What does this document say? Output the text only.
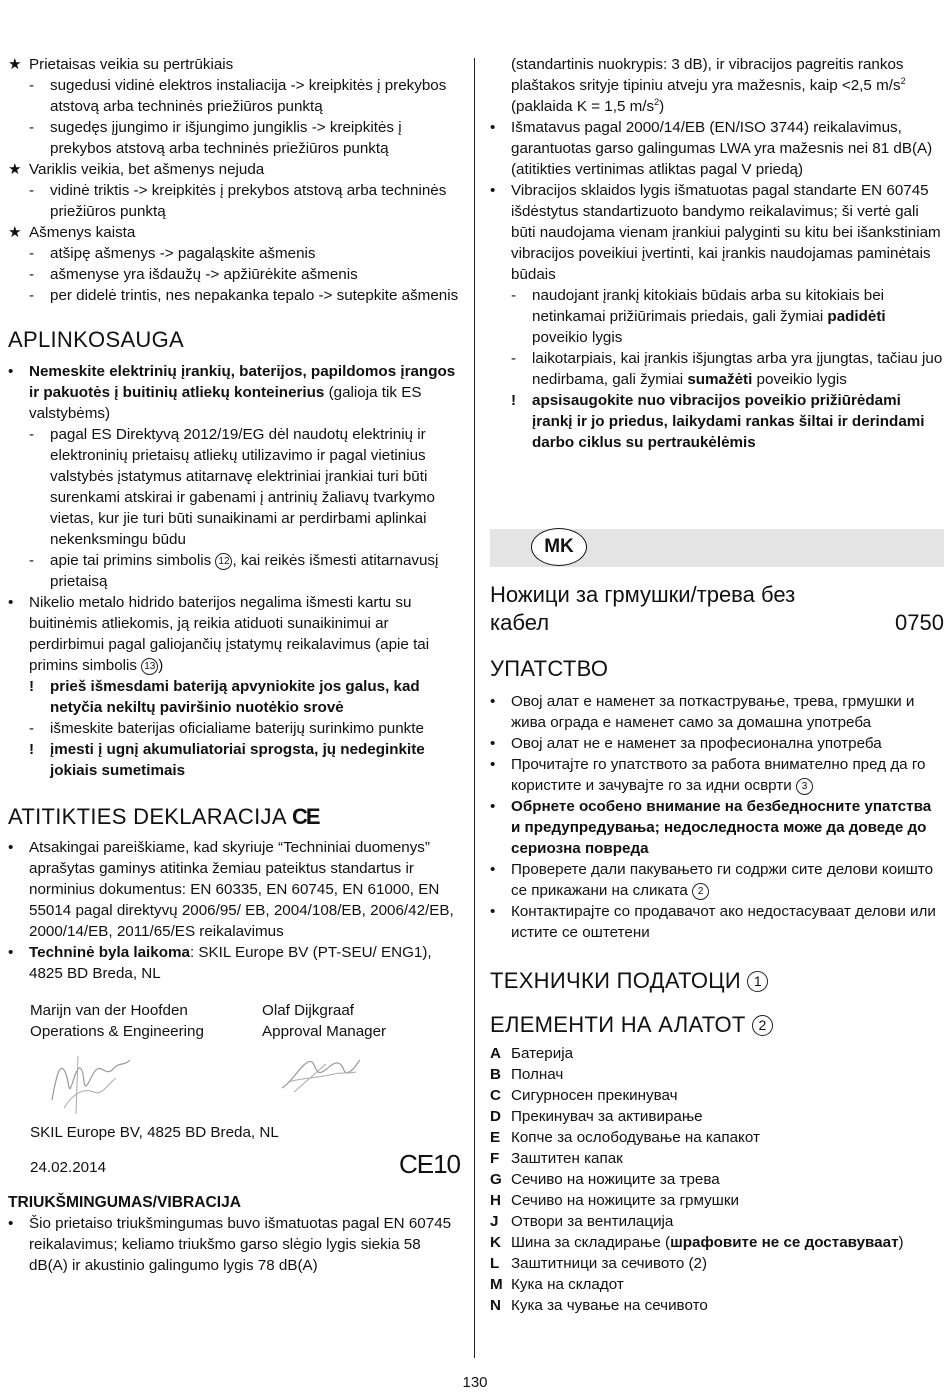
★ Prietaisas veikia su pertrūkiais
- sugedusi vidinė elektros instaliacija -> kreipkitės į prekybos atstovą arba techninės priežiūros punktą
- sugedęs įjungimo ir išjungimo jungiklis -> kreipkitės į prekybos atstovą arba techninės priežiūros punktą
★ Variklis veikia, bet ašmenys nejuda
- vidinė triktis -> kreipkitės į prekybos atstovą arba techninės priežiūros punktą
★ Ašmenys kaista
- atšipę ašmenys -> pagaląskite ašmenis
- ašmenyse yra išdaužų -> apžiūrėkite ašmenis
- per didelė trintis, nes nepakanka tepalo -> sutepkite ašmenis
APLINKOSAUGA
• Nemeskite elektrinių įrankių, baterijos, papildomos įrangos ir pakuotės į buitinių atliekų konteinerius (galioja tik ES valstybėms)
- pagal ES Direktyvą 2012/19/EG dėl naudotų elektrinių ir elektroninių prietaisų atliekų utilizavimo ir pagal vietinius valstybės įstatymus atitarnavę elektriniai įrankiai turi būti surenkami atskirai ir gabenami į antrinių žaliavų tvarkymo vietas, kur jie turi būti sunaikinami ar perdirbami aplinkai nekenksmingu būdu
- apie tai primins simbolis 12 , kai reikės išmesti atitarnavusį prietaisą
• Nikelio metalo hidrido baterijos negalima išmesti kartu su buitinėmis atliekomis, ją reikia atiduoti sunaikinimui ar perdirbimui pagal galiojančių įstatymų reikalavimus (apie tai primins simbolis 13 )
! prieš išmesdami bateriją apvyniokite jos galus, kad netyčia nekiltų paviršinio nuotėkio srovė
- išmeskite baterijas oficialiame baterijų surinkimo punkte
! įmesti į ugnį akumuliatoriai sprogsta, jų nedeginkite jokiais sumetimais
ATITIKTIES DEKLARACIJA CE
• Atsakingai pareiškiame, kad skyriuje “Techniniai duomenys” aprašytas gaminys atitinka žemiau pateiktus standartus ir norminius dokumentus: EN 60335, EN 60745, EN 61000, EN 55014 pagal direktyvų 2006/95/ EB, 2004/108/EB, 2006/42/EB, 2000/14/EB, 2011/65/ES reikalavimus
• Techninė byla laikoma: SKIL Europe BV (PT-SEU/ ENG1), 4825 BD Breda, NL
Marijn van der Hoofden
Operations & Engineering
Olaf Dijkgraaf
Approval Manager
SKIL Europe BV, 4825 BD Breda, NL
24.02.2014	CE10
TRIUKŠMINGUMAS/VIBRACIJA
• Šio prietaiso triukšmingumas buvo išmatuotas pagal EN 60745 reikalavimus; keliamo triukšmo garso slėgio lygis siekia 58 dB(A) ir akustinio galingumo lygis 78 dB(A)
(standartinis nuokrypis: 3 dB), ir vibracijos pagreitis rankos plaštakos srityje tipiniu atveju yra mažesnis, kaip <2,5 $m/s^2$ (paklaida K = 1,5 $m/s^2$)
• Išmatavus pagal 2000/14/EB (EN/ISO 3744) reikalavimus, garantuotas garso galingumas LWA yra mažesnis nei 81 dB(A) (atitikties vertinimas atliktas pagal V priedą)
• Vibracijos sklaidos lygis išmatuotas pagal standarte EN 60745 išdėstytus standartizuoto bandymo reikalavimus; ši vertė gali būti naudojama vienam įrankiui palyginti su kitu bei išankstiniam vibracijos poveikiui įvertinti, kai įrankis naudojamas paminėtais būdais
- naudojant įrankį kitokiais būdais arba su kitokiais bei netinkamai prižiūrimais priedais, gali žymiai padidėti poveikio lygis
- laikotarpiais, kai įrankis išjungtas arba yra įjungtas, tačiau juo nedirbama, gali žymiai sumažėti poveikio lygis
! apsisaugokite nuo vibracijos poveikio prižiūrėdami įrankį ir jo priedus, laikydami rankas šiltai ir derindami darbo ciklus su pertraukėlėmis
MK
Ножици за грмушки/трева без
кабел	0750
УПАТСТВО
• Овој алат е наменет за поткаструвањe, трева, грмушки и жива ограда е наменет само за домашна употреба
• Овој алат не е наменет за професионална употреба
• Прочитајте го упатството за работа внимателно пред да го користите и зачувајте го за идни осврти 3
• Обрнете особено внимание на безбедносните упатства и предупредувања; недоследноста може да доведе до сериозна повреда
• Проверете дали пакувањето ги содржи сите делови коишто се прикажани на сликата 2
• Контактирајте со продавачот ако недостасуваат делови или истите се оштетени
ТЕХНИЧКИ ПОДАТОЦИ 1
ЕЛЕМЕНТИ НА АЛАТОТ 2
A Батерија
B Полнач
C Сигурносен прекинувач
D Прекинувач за активирање
E Копче за ослободување на капакот
F Заштитен капак
G Сечиво на ножиците за трева
H Сечиво на ножиците за грмушки
J Отвори за вентилација
K Шина за складирање (шрафовите не се доставуваат)
L Заштитници за сечивото (2)
M Кука на складот
N Кука за чување на сечивото
130
